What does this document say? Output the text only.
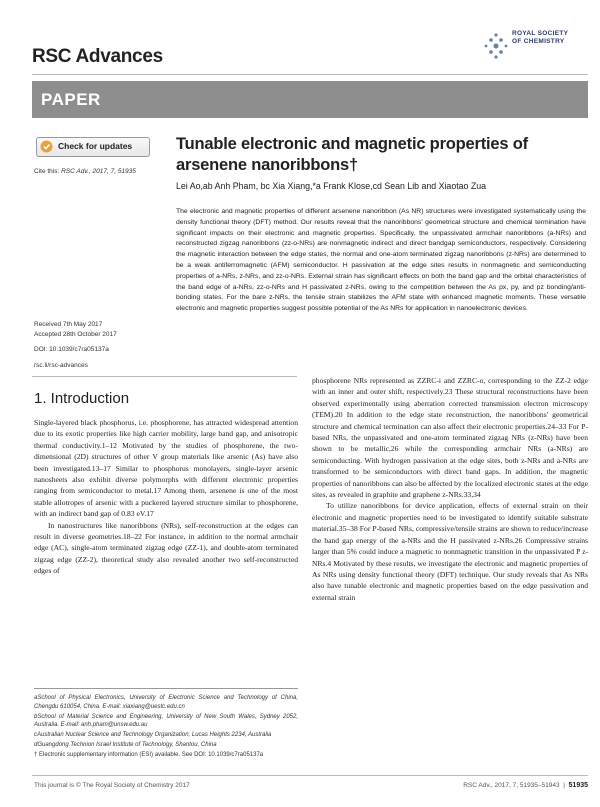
ROYAL SOCIETY
OF CHEMISTRY
RSC Advances
PAPER
Check for updates
Cite this: RSC Adv., 2017, 7, 51935
Tunable electronic and magnetic properties of arsenene nanoribbons†
Lei Ao,ab Anh Pham, bc Xia Xiang,*a Frank Klose,cd Sean Lib and Xiaotao Zua
The electronic and magnetic properties of different arsenene nanoribbon (As NR) structures were investigated systematically using the density functional theory (DFT) method. Our results reveal that the nanoribbons' geometrical structure and chemical termination have significant impacts on their electronic and magnetic properties. Specifically, the unpassivated armchair nanoribbons (a-NRs) and reconstructed zigzag nanoribbons (zz-o-NRs) are nonmagnetic indirect and direct bandgap semiconductors, respectively. Considering the magnetic interaction between the edge states, the normal and one-atom terminated zigzag nanoribbons (z-NRs) are determined to be a weak antiferromagnetic (AFM) semiconductor. H passivation at the edge sites results in nonmagnetic and semiconducting properties of a-NRs, z-NRs, and zz-o-NRs. External strain has significant effects on both the band gap and the orbital characteristics of the band edge of a-NRs, zz-o-NRs and H passivated z-NRs, owing to the competition between the As px, py, and pz bonding/anti-bonding states. For the bare z-NRs, the tensile strain stabilizes the AFM state with enhanced magnetic moments. These versatile electronic and magnetic properties suggest possible potential of the As NRs for application in nanoelectronic devices.
Received 7th May 2017
Accepted 28th October 2017
DOI: 10.1039/c7ra05137a
rsc.li/rsc-advances
1. Introduction

Single-layered black phosphorus, i.e. phosphorene, has attracted widespread attention due to its exotic properties like high carrier mobility, large band gap, and anisotropic thermal conductivity.1–12 Motivated by the studies of phosphorene, the two-dimensional (2D) structures of other V group materials like arsenic (As) have also been investigated.13–17 Similar to phosphorus monolayers, single-layer arsenic nanosheets also exhibit diverse polymorphs with different electronic properties ranging from semiconductor to metal.17 Among them, arsenene is one of the most stable allotropes of arsenic with a puckered layered structure similar to phosphorene, with an indirect band gap of 0.83 eV.17

In nanostructures like nanoribbons (NRs), self-reconstruction at the edges can result in diverse geometries.18–22 For instance, in addition to the normal armchair edge (AC), single-atom terminated zigzag edge (ZZ-1), and double-atom terminated zigzag edge (ZZ-2), theoretical study also revealed another two self-reconstructed edges of

phosphorene NRs represented as ZZRC-i and ZZRC-o, corresponding to the ZZ-2 edge with an inner and outer shift, respectively.23 These structural reconstructions have been observed experimentally using aberration corrected transmission electron microscopy (TEM).20 In addition to the edge state reconstruction, the nanoribbons' geometrical structure and chemical termination can also affect their electronic properties.24–33 For P-based NRs, the unpassivated and one-atom terminated zigzag NRs (z-NRs) have been shown to be metallic,26 while the corresponding armchair NRs (a-NRs) are semiconducting. With hydrogen passivation at the edge sites, both z-NRs and a-NRs are transformed to be semiconductors with direct band gaps. In addition, the magnetic properties of nanoribbons can also be affected by the localized electronic states at the edge sites, as revealed in graphite and graphene z-NRs.33,34

To utilize nanoribbons for device application, effects of external strain on their electronic and magnetic properties need to be investigated to identify suitable substrate material.35–38 For P-based NRs, compressive/tensile strains are shown to reduce/increase the band gap energy of the a-NRs and the H passivated z-NRs.26 Compressive strains larger than 5% could induce a magnetic to nonmagnetic transition in the unpassivated P z-NRs.4 Motivated by these results, we investigate the electronic and magnetic properties of As NRs using density functional theory (DFT) technique. Our study reveals that As NRs also have tunable electronic and magnetic properties based on the edge passivation and external strain

aSchool of Physical Electronics, University of Electronic Science and Technology of China, Chengdu 610054, China. E-mail: xiaxiang@uestc.edu.cn
bSchool of Material Science and Engineering, University of New South Wales, Sydney 2052, Australia. E-mail: anh.pham@unsw.edu.au
cAustralian Nuclear Science and Technology Organization, Lucas Heights 2234, Australia
dGuangdong Technion Israel Institute of Technology, Shantou, China
† Electronic supplementary information (ESI) available. See DOI: 10.1039/c7ra05137a
This journal is © The Royal Society of Chemistry 2017	RSC Adv., 2017, 7, 51935–51943  |  51935
